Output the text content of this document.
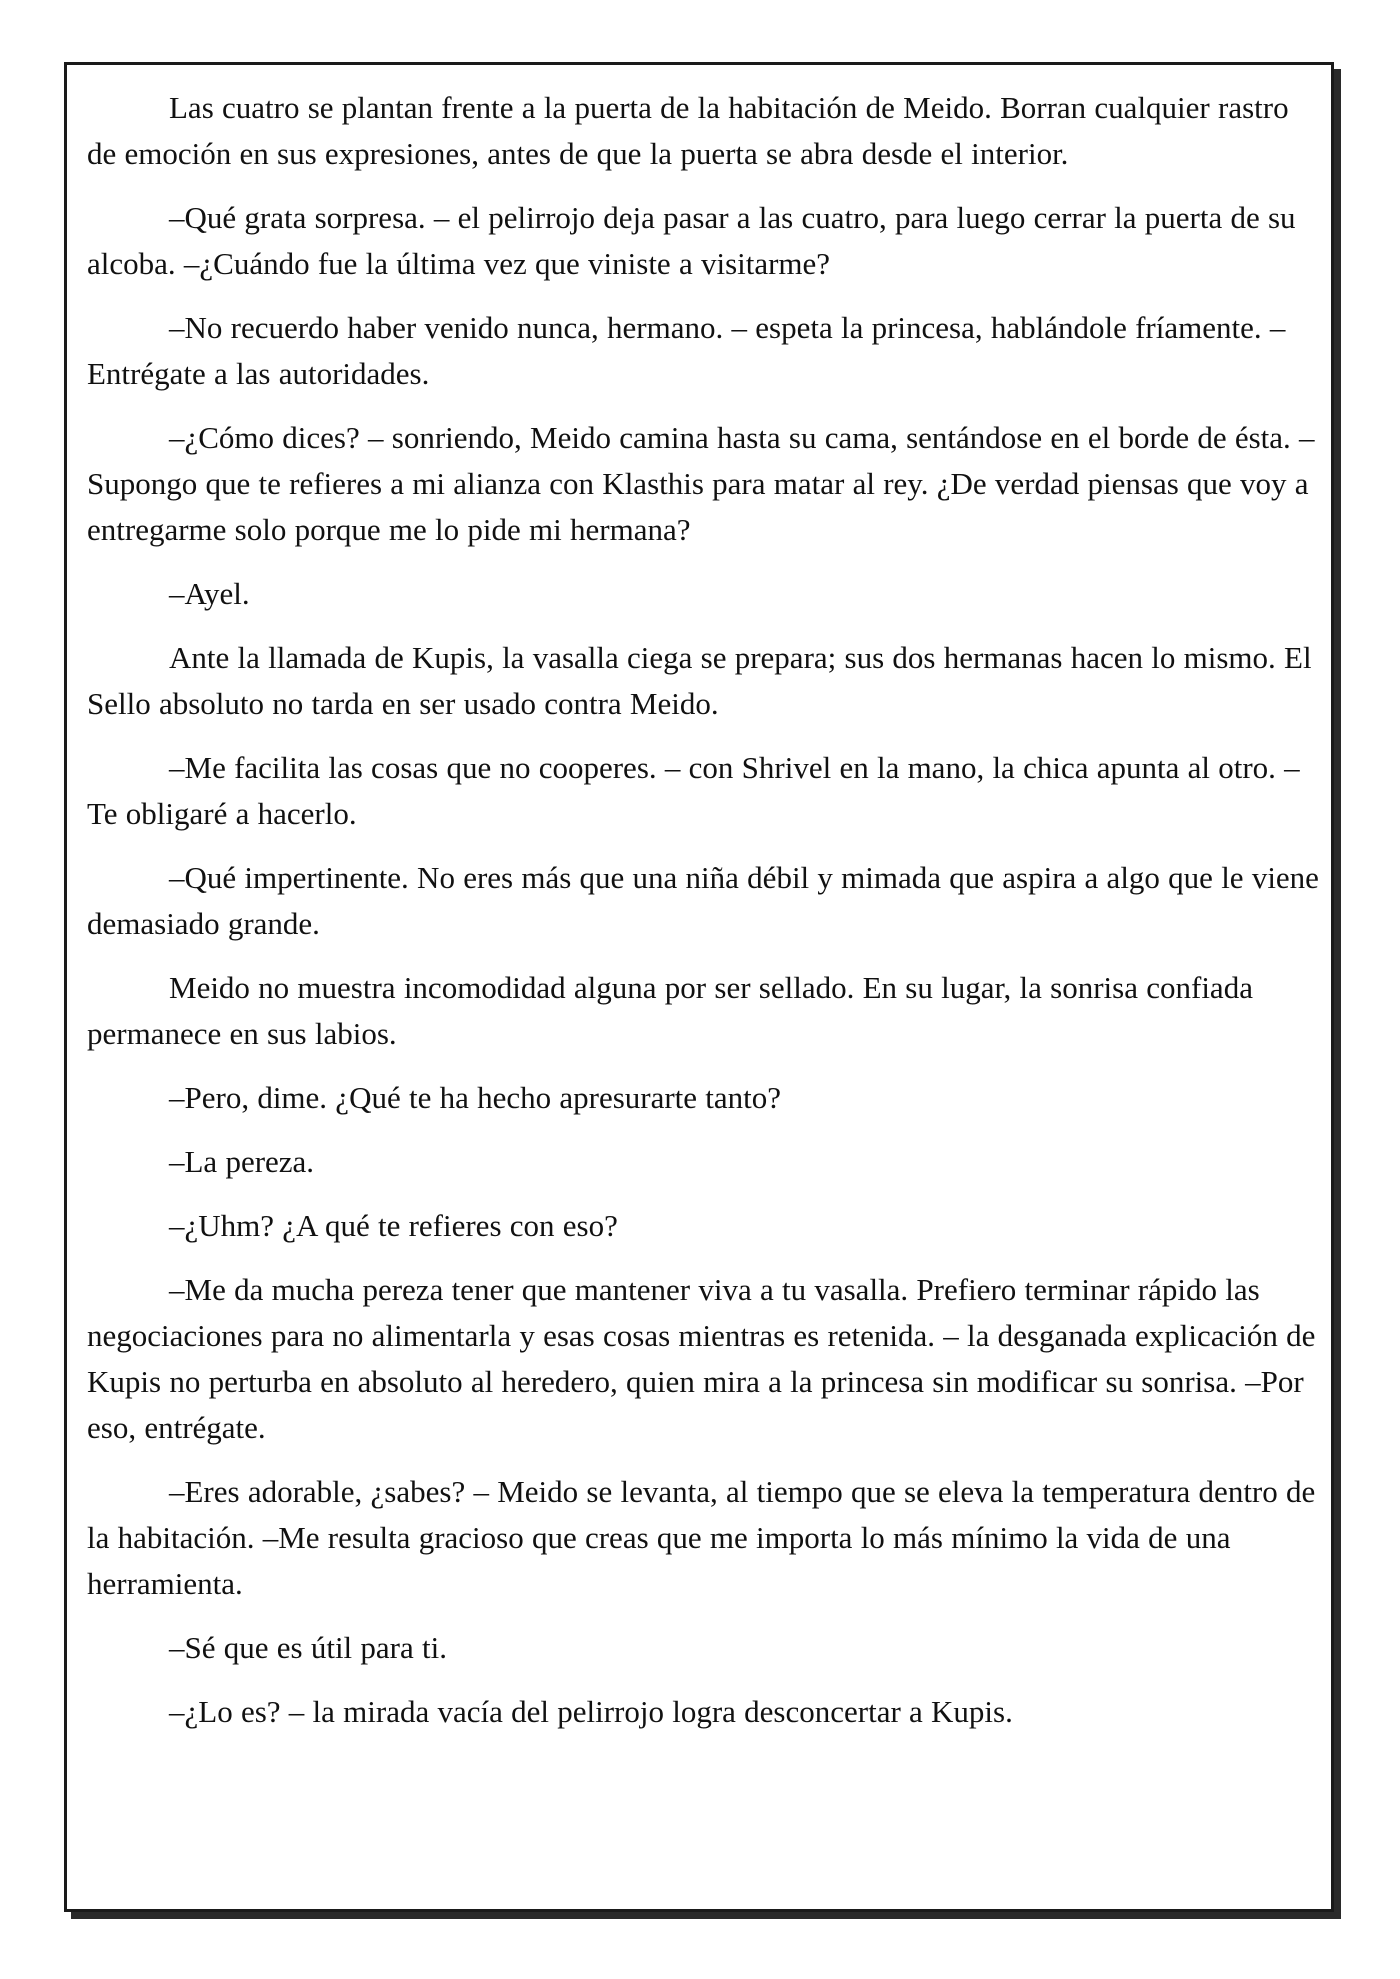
Las cuatro se plantan frente a la puerta de la habitación de Meido. Borran cualquier rastro de emoción en sus expresiones, antes de que la puerta se abra desde el interior.

–Qué grata sorpresa. – el pelirrojo deja pasar a las cuatro, para luego cerrar la puerta de su alcoba. –¿Cuándo fue la última vez que viniste a visitarme?

–No recuerdo haber venido nunca, hermano. – espeta la princesa, hablándole fríamente. –Entrégate a las autoridades.

–¿Cómo dices? – sonriendo, Meido camina hasta su cama, sentándose en el borde de ésta. –Supongo que te refieres a mi alianza con Klasthis para matar al rey. ¿De verdad piensas que voy a entregarme solo porque me lo pide mi hermana?

–Ayel.

Ante la llamada de Kupis, la vasalla ciega se prepara; sus dos hermanas hacen lo mismo. El Sello absoluto no tarda en ser usado contra Meido.

–Me facilita las cosas que no cooperes. – con Shrivel en la mano, la chica apunta al otro. –Te obligaré a hacerlo.

–Qué impertinente. No eres más que una niña débil y mimada que aspira a algo que le viene demasiado grande.

Meido no muestra incomodidad alguna por ser sellado. En su lugar, la sonrisa confiada permanece en sus labios.

–Pero, dime. ¿Qué te ha hecho apresurarte tanto?

–La pereza.

–¿Uhm? ¿A qué te refieres con eso?

–Me da mucha pereza tener que mantener viva a tu vasalla. Prefiero terminar rápido las negociaciones para no alimentarla y esas cosas mientras es retenida. – la desganada explicación de Kupis no perturba en absoluto al heredero, quien mira a la princesa sin modificar su sonrisa. –Por eso, entrégate.

–Eres adorable, ¿sabes? – Meido se levanta, al tiempo que se eleva la temperatura dentro de la habitación. –Me resulta gracioso que creas que me importa lo más mínimo la vida de una herramienta.

–Sé que es útil para ti.

–¿Lo es? – la mirada vacía del pelirrojo logra desconcertar a Kupis.
